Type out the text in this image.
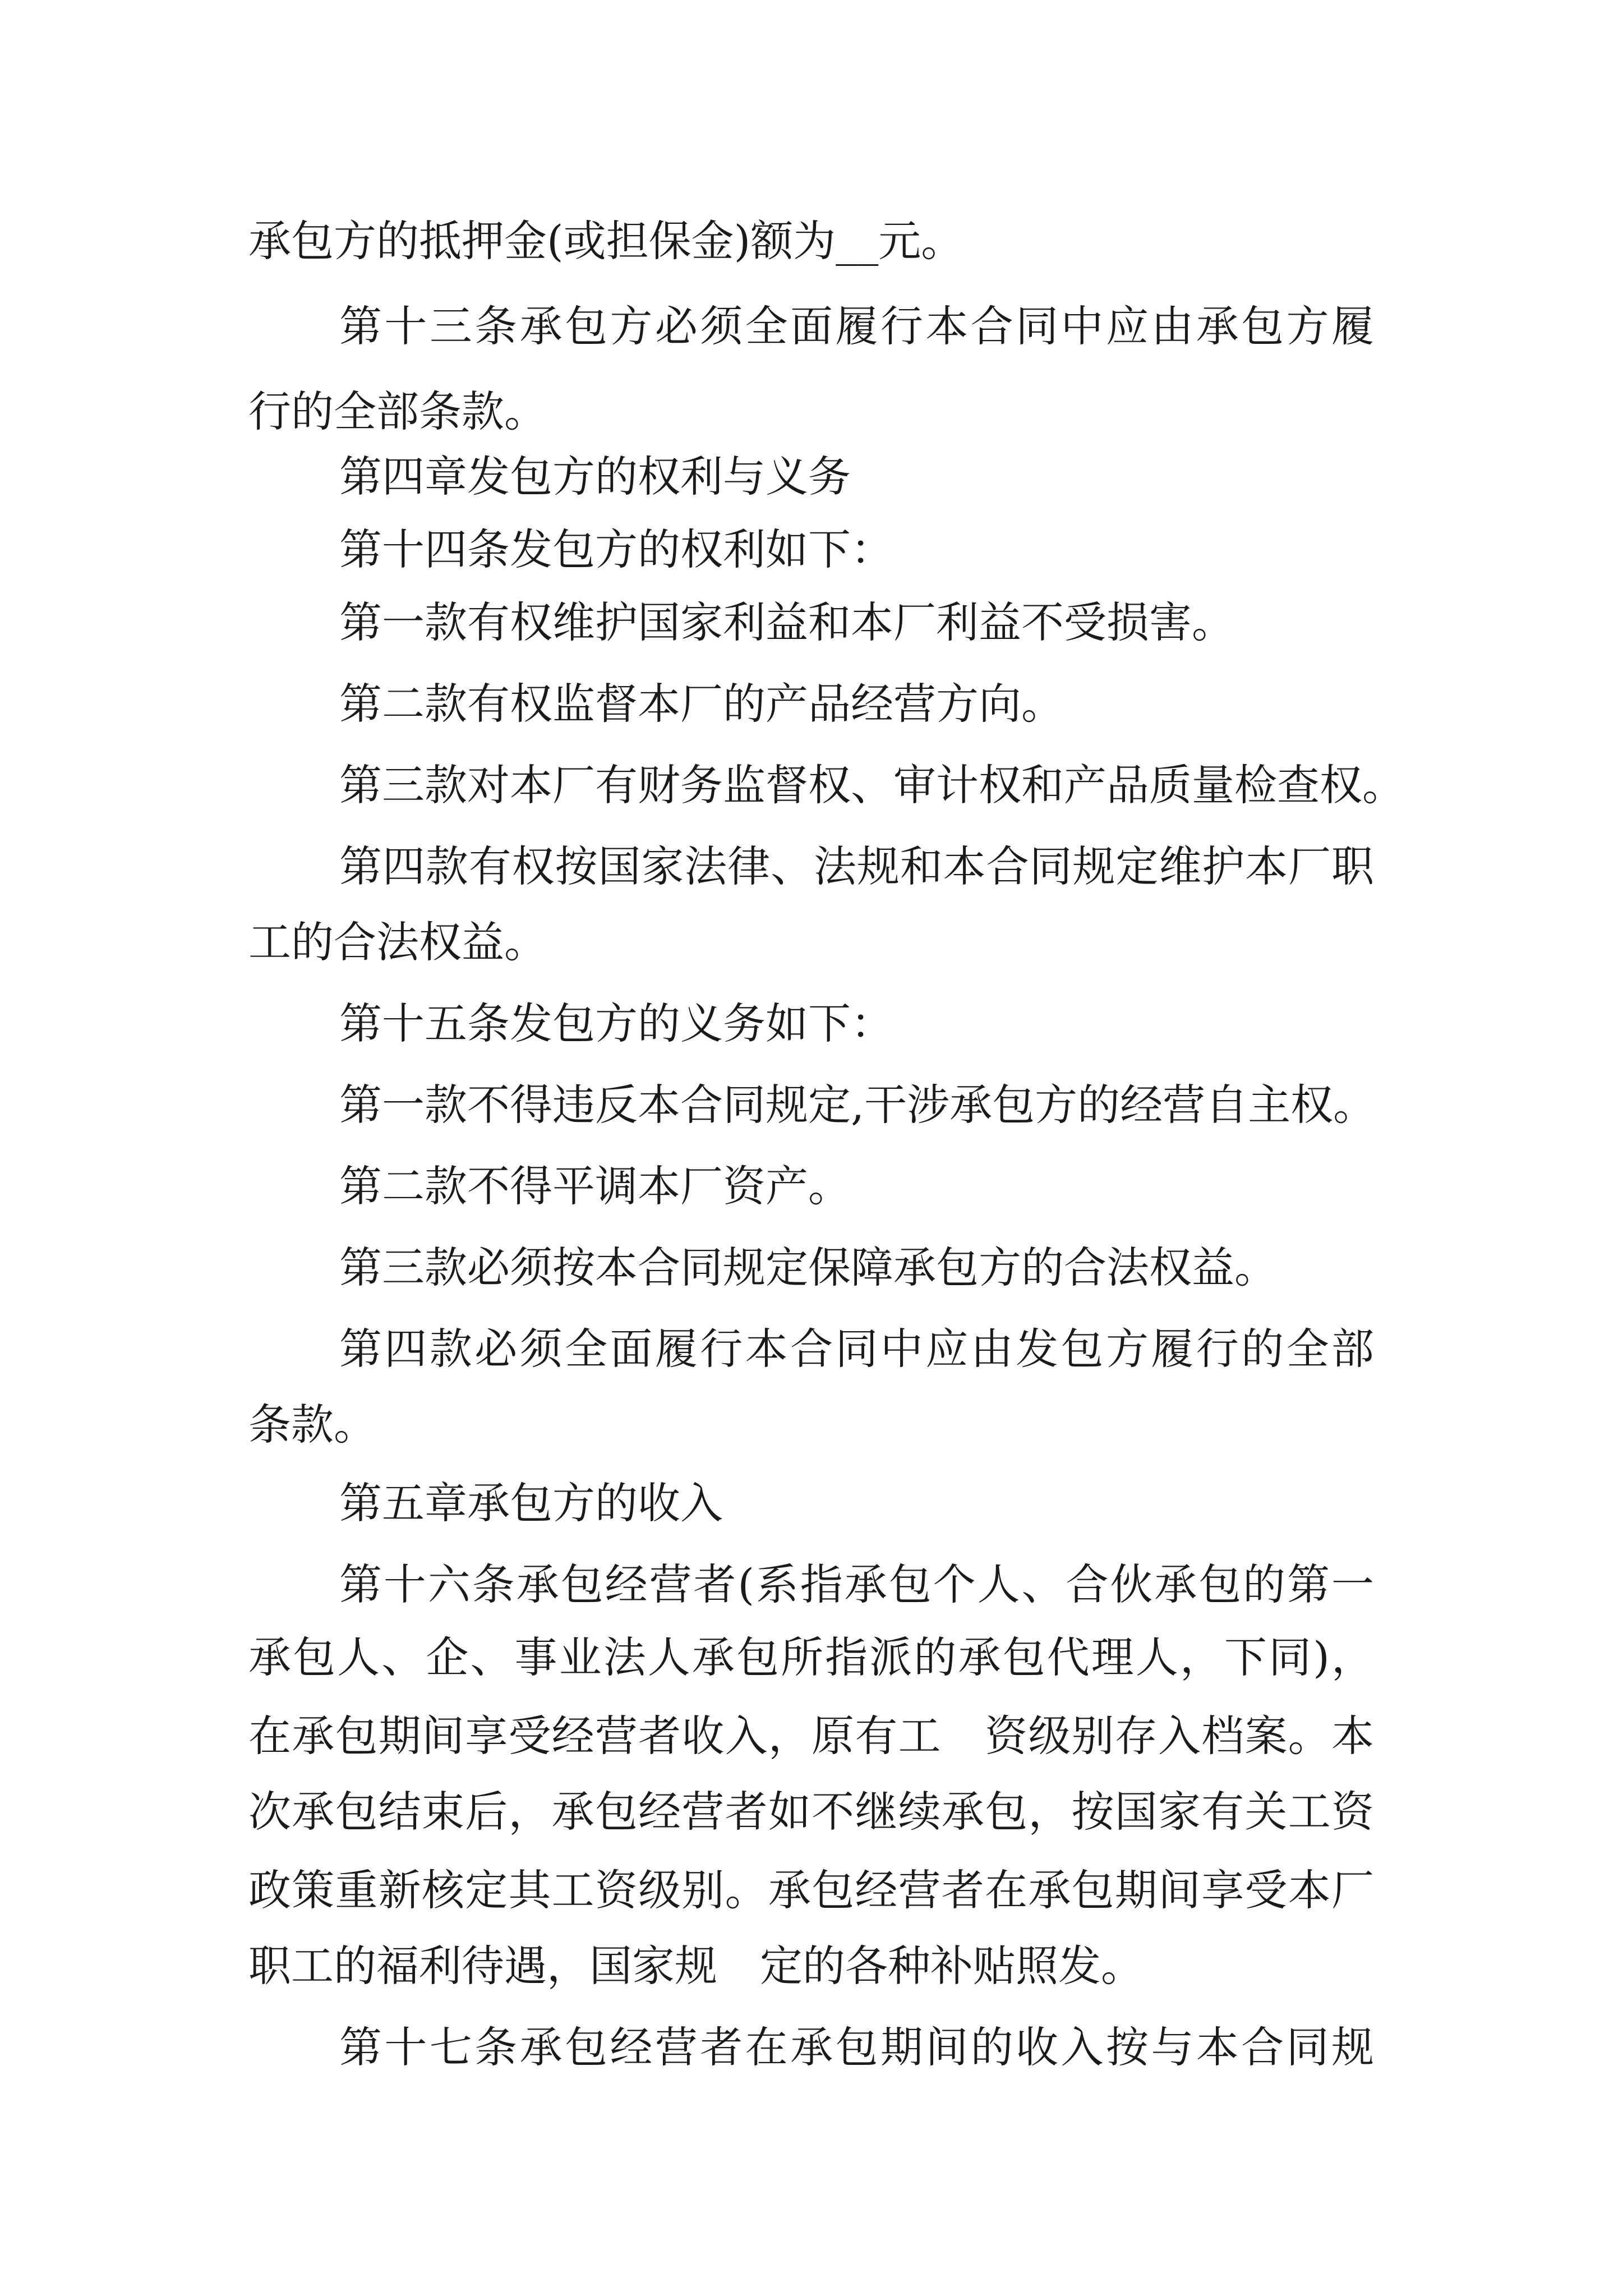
承包方的抵押金(或担保金)额为__元。
第十三条承包方必须全面履行本合同中应由承包方履
行的全部条款。
第四章发包方的权利与义务
第十四条发包方的权利如下：
第一款有权维护国家利益和本厂利益不受损害。
第二款有权监督本厂的产品经营方向。
第三款对本厂有财务监督权、审计权和产品质量检查权。
第四款有权按国家法律、法规和本合同规定维护本厂职
工的合法权益。
第十五条发包方的义务如下：
第一款不得违反本合同规定,干涉承包方的经营自主权。
第二款不得平调本厂资产。
第三款必须按本合同规定保障承包方的合法权益。
第四款必须全面履行本合同中应由发包方履行的全部
条款。
第五章承包方的收入
第十六条承包经营者(系指承包个人、合伙承包的第一
承包人、企、事业法人承包所指派的承包代理人，下同)，
在承包期间享受经营者收入，原有工　资级别存入档案。本
次承包结束后，承包经营者如不继续承包，按国家有关工资
政策重新核定其工资级别。承包经营者在承包期间享受本厂
职工的福利待遇，国家规　定的各种补贴照发。
第十七条承包经营者在承包期间的收入按与本合同规
